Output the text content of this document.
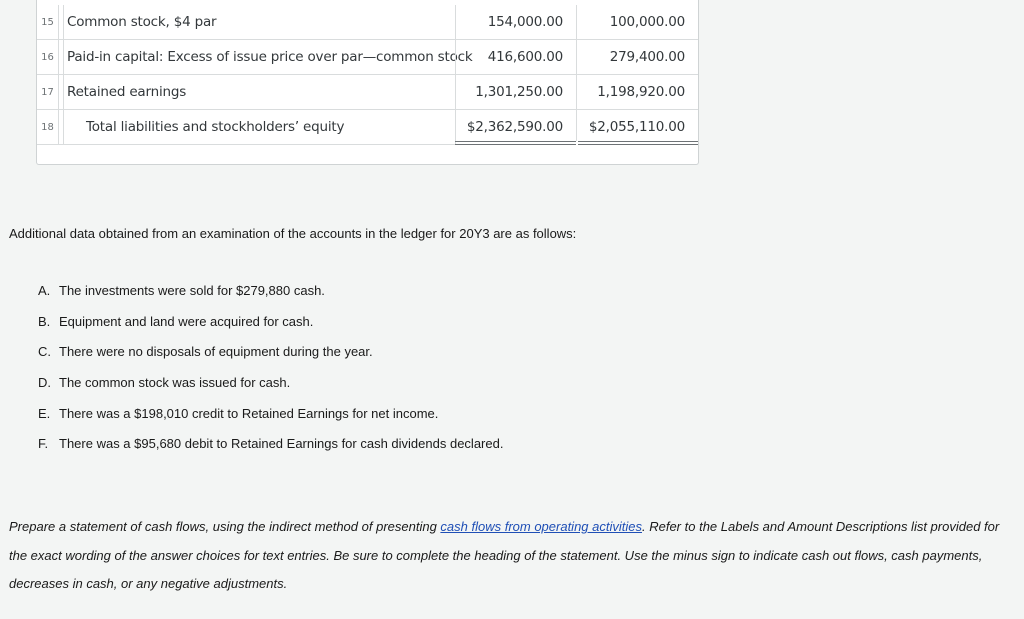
15 Common stock, $4 par	154,000.00	100,000.00
16 Paid-in capital: Excess of issue price over par—common stock	416,600.00	279,400.00
17 Retained earnings	1,301,250.00	1,198,920.00
18	Total liabilities and stockholders’ equity	$2,362,590.00	$2,055,110.00
Additional data obtained from an examination of the accounts in the ledger for 20Y3 are as follows:
A. The investments were sold for $279,880 cash.
B. Equipment and land were acquired for cash.
C. There were no disposals of equipment during the year.
D. The common stock was issued for cash.
E. There was a $198,010 credit to Retained Earnings for net income.
F. There was a $95,680 debit to Retained Earnings for cash dividends declared.
Prepare a statement of cash flows, using the indirect method of presenting cash flows from operating activities. Refer to the Labels and Amount Descriptions list provided for the exact wording of the answer choices for text entries. Be sure to complete the heading of the statement. Use the minus sign to indicate cash out flows, cash payments, decreases in cash, or any negative adjustments.
